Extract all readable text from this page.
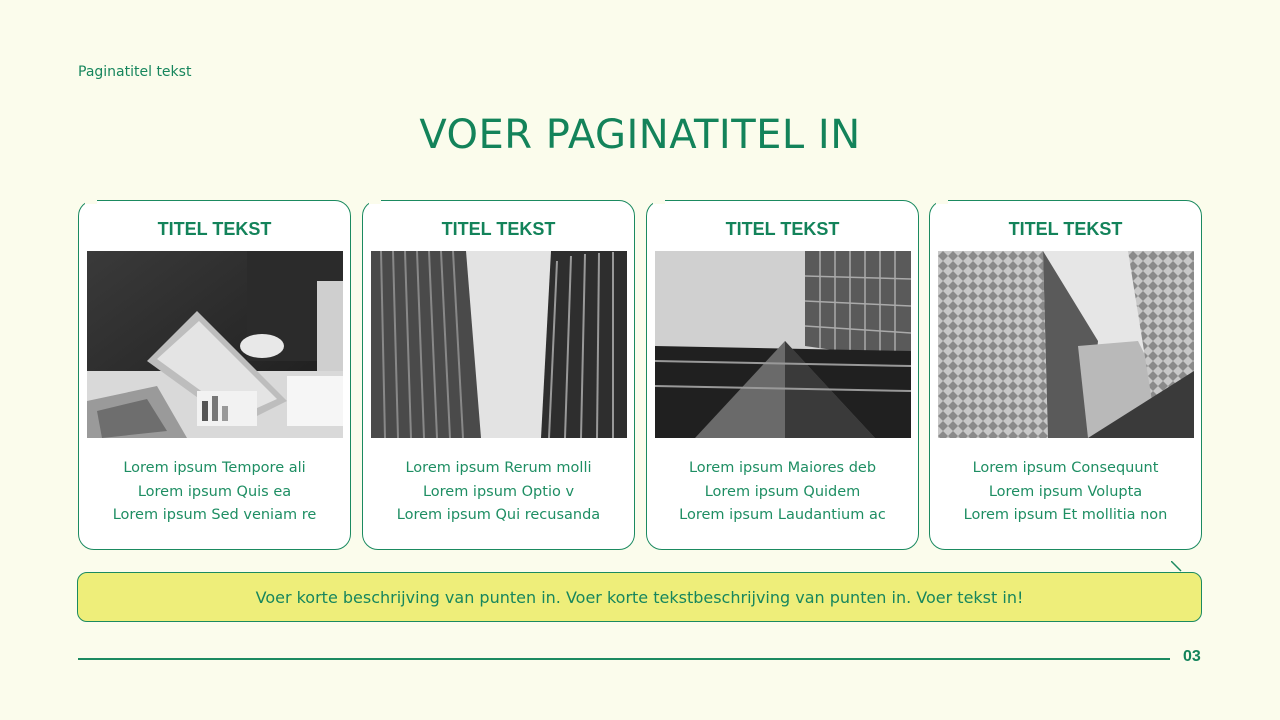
Paginatitel tekst
VOER PAGINATITEL IN
TITEL TEKST
Lorem ipsum Tempore ali
Lorem ipsum Quis ea
Lorem ipsum Sed veniam re
TITEL TEKST
Lorem ipsum Rerum molli
Lorem ipsum Optio v
Lorem ipsum Qui recusanda
TITEL TEKST
Lorem ipsum Maiores deb
Lorem ipsum Quidem
Lorem ipsum Laudantium ac
TITEL TEKST
Lorem ipsum Consequunt
Lorem ipsum Volupta
Lorem ipsum Et mollitia non
Voer korte beschrijving van punten in. Voer korte tekstbeschrijving van punten in. Voer tekst in!
03
